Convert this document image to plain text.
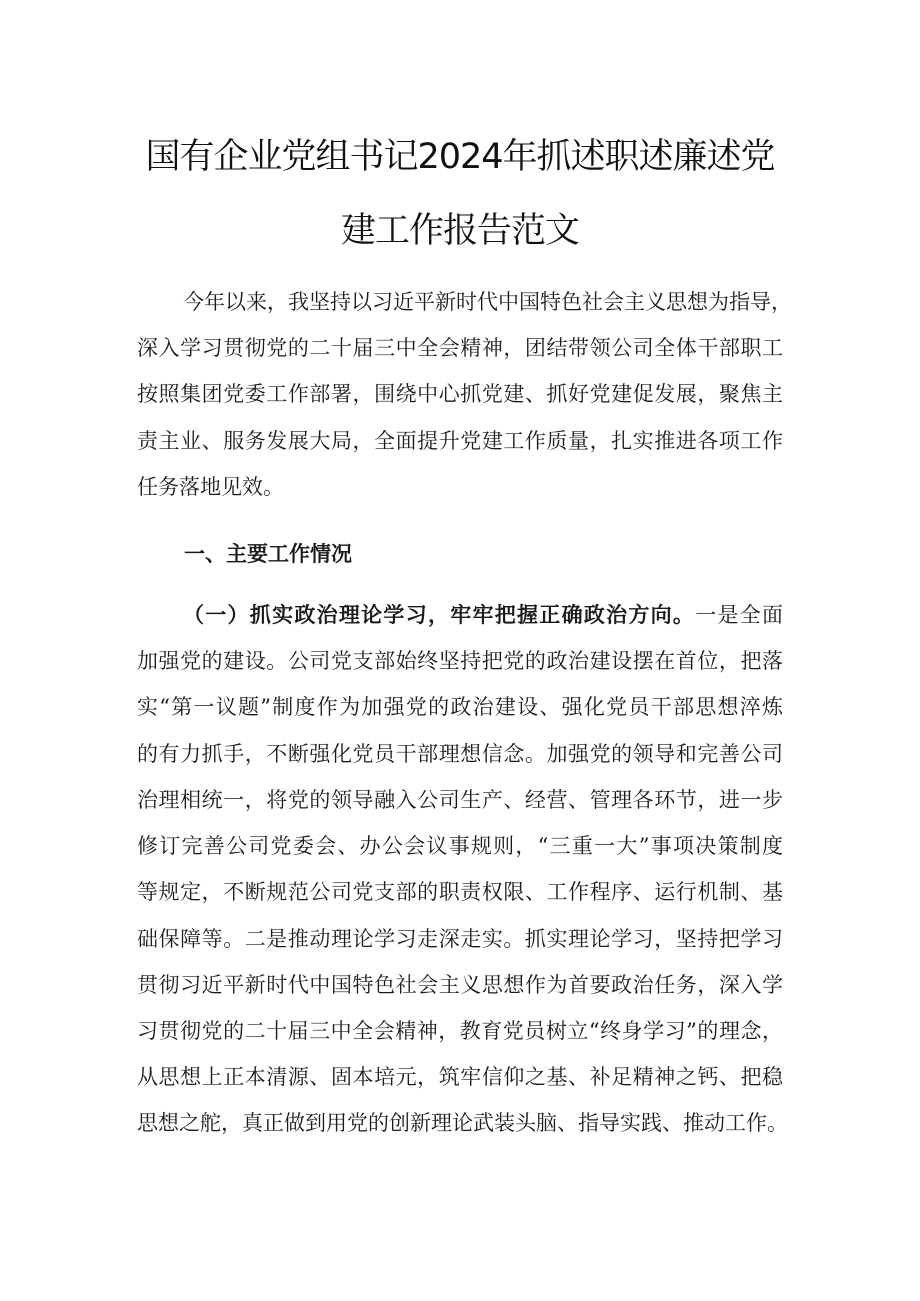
国有企业党组书记2024年抓述职述廉述党
建工作报告范文
今年以来，我坚持以习近平新时代中国特色社会主义思想为指导，
深入学习贯彻党的二十届三中全会精神，团结带领公司全体干部职工
按照集团党委工作部署，围绕中心抓党建、抓好党建促发展，聚焦主
责主业、服务发展大局，全面提升党建工作质量，扎实推进各项工作
任务落地见效。
一、主要工作情况
（一）抓实政治理论学习，牢牢把握正确政治方向。一是全面
加强党的建设。公司党支部始终坚持把党的政治建设摆在首位，把落
实“第一议题”制度作为加强党的政治建设、强化党员干部思想淬炼
的有力抓手，不断强化党员干部理想信念。加强党的领导和完善公司
治理相统一，将党的领导融入公司生产、经营、管理各环节，进一步
修订完善公司党委会、办公会议事规则，“三重一大”事项决策制度
等规定，不断规范公司党支部的职责权限、工作程序、运行机制、基
础保障等。二是推动理论学习走深走实。抓实理论学习，坚持把学习
贯彻习近平新时代中国特色社会主义思想作为首要政治任务，深入学
习贯彻党的二十届三中全会精神，教育党员树立“终身学习”的理念，
从思想上正本清源、固本培元，筑牢信仰之基、补足精神之钙、把稳
思想之舵，真正做到用党的创新理论武装头脑、指导实践、推动工作。
